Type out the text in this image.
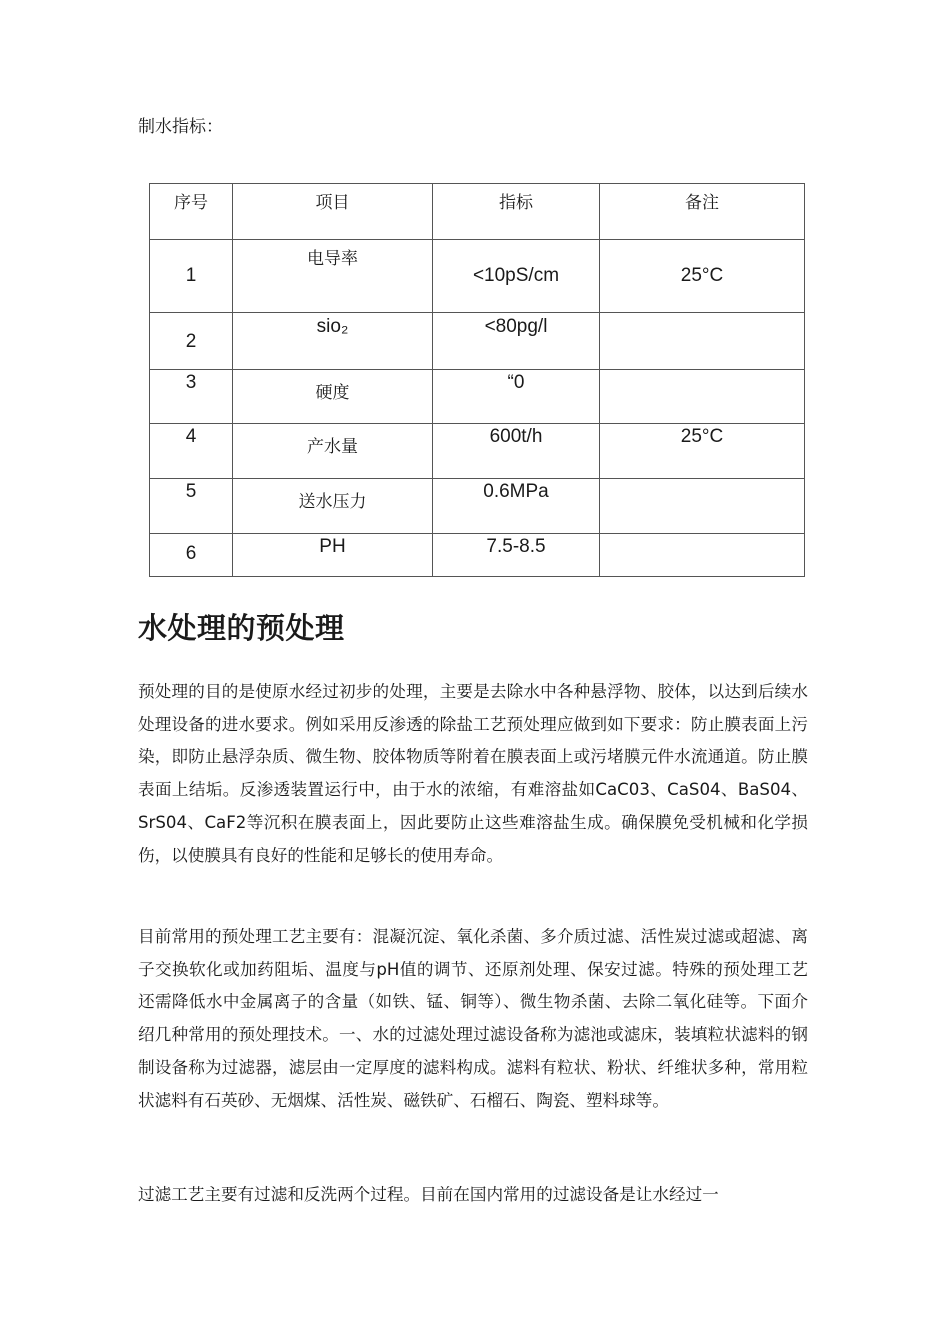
制水指标：
序号	项目	指标	备注

1	电导率	<10pS/cm	25°C

2	sio₂	<80pg/l	

3	硬度	“0	

4	产水量	600t/h	25°C

5	送水压力	0.6MPa	

6	PH	7.5-8.5	

水处理的预处理

预处理的目的是使原水经过初步的处理，主要是去除水中各种悬浮物、胶体，以达到后续水处理设备的进水要求。例如采用反渗透的除盐工艺预处理应做到如下要求：防止膜表面上污染，即防止悬浮杂质、微生物、胶体物质等附着在膜表面上或污堵膜元件水流通道。防止膜表面上结垢。反渗透装置运行中，由于水的浓缩，有难溶盐如CaC03、CaS04、BaS04、SrS04、CaF2等沉积在膜表面上，因此要防止这些难溶盐生成。确保膜免受机械和化学损伤，以使膜具有良好的性能和足够长的使用寿命。

目前常用的预处理工艺主要有：混凝沉淀、氧化杀菌、多介质过滤、活性炭过滤或超滤、离子交换软化或加药阻垢、温度与pH值的调节、还原剂处理、保安过滤。特殊的预处理工艺还需降低水中金属离子的含量（如铁、锰、铜等）、微生物杀菌、去除二氧化硅等。下面介绍几种常用的预处理技术。一、水的过滤处理过滤设备称为滤池或滤床，装填粒状滤料的钢制设备称为过滤器，滤层由一定厚度的滤料构成。滤料有粒状、粉状、纤维状多种，常用粒状滤料有石英砂、无烟煤、活性炭、磁铁矿、石榴石、陶瓷、塑料球等。

过滤工艺主要有过滤和反洗两个过程。目前在国内常用的过滤设备是让水经过一
